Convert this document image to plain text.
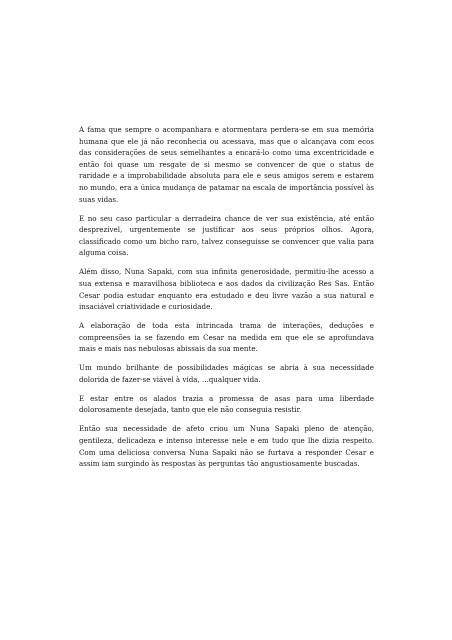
A fama que sempre o acompanhara e atormentara perdera-se em sua memória humana que ele já não reconhecia ou acessava, mas que o alcançava com ecos das considerações de seus semelhantes a encará-lo como uma excentricidade e então foi quase um resgate de si mesmo se convencer de que o status de raridade e a improbabilidade absoluta para ele e seus amigos serem e estarem no mundo, era a única mudança de patamar na escala de importância possível às suas vidas.

E no seu caso particular a derradeira chance de ver sua existência, até então desprezível, urgentemente se justificar aos seus próprios olhos. Agora, classificado como um bicho raro, talvez conseguisse se convencer que valia para alguma coisa.

Além disso, Nuna Sapaki, com sua infinita generosidade, permitiu-lhe acesso a sua extensa e maravilhosa biblioteca e aos dados da civilização Res Sas. Então Cesar podia estudar enquanto era estudado e deu livre vazão a sua natural e insaciável criatividade e curiosidade.

A elaboração de toda esta intrincada trama de interações, deduções e compreensões ia se fazendo em Cesar na medida em que ele se aprofundava mais e mais nas nebulosas abissais da sua mente.

Um mundo brilhante de possibilidades mágicas se abria à sua necessidade dolorida de fazer-se viável à vida, ...qualquer vida.

E estar entre os alados trazia a promessa de asas para uma liberdade dolorosamente desejada, tanto que ele não conseguia resistir.

Então sua necessidade de afeto criou um Nuna Sapaki pleno de atenção, gentileza, delicadeza e intenso interesse nele e em tudo que lhe dizia respeito. Com uma deliciosa conversa Nuna Sapaki não se furtava a responder Cesar e assim iam surgindo às respostas às perguntas tão angustiosamente buscadas.
